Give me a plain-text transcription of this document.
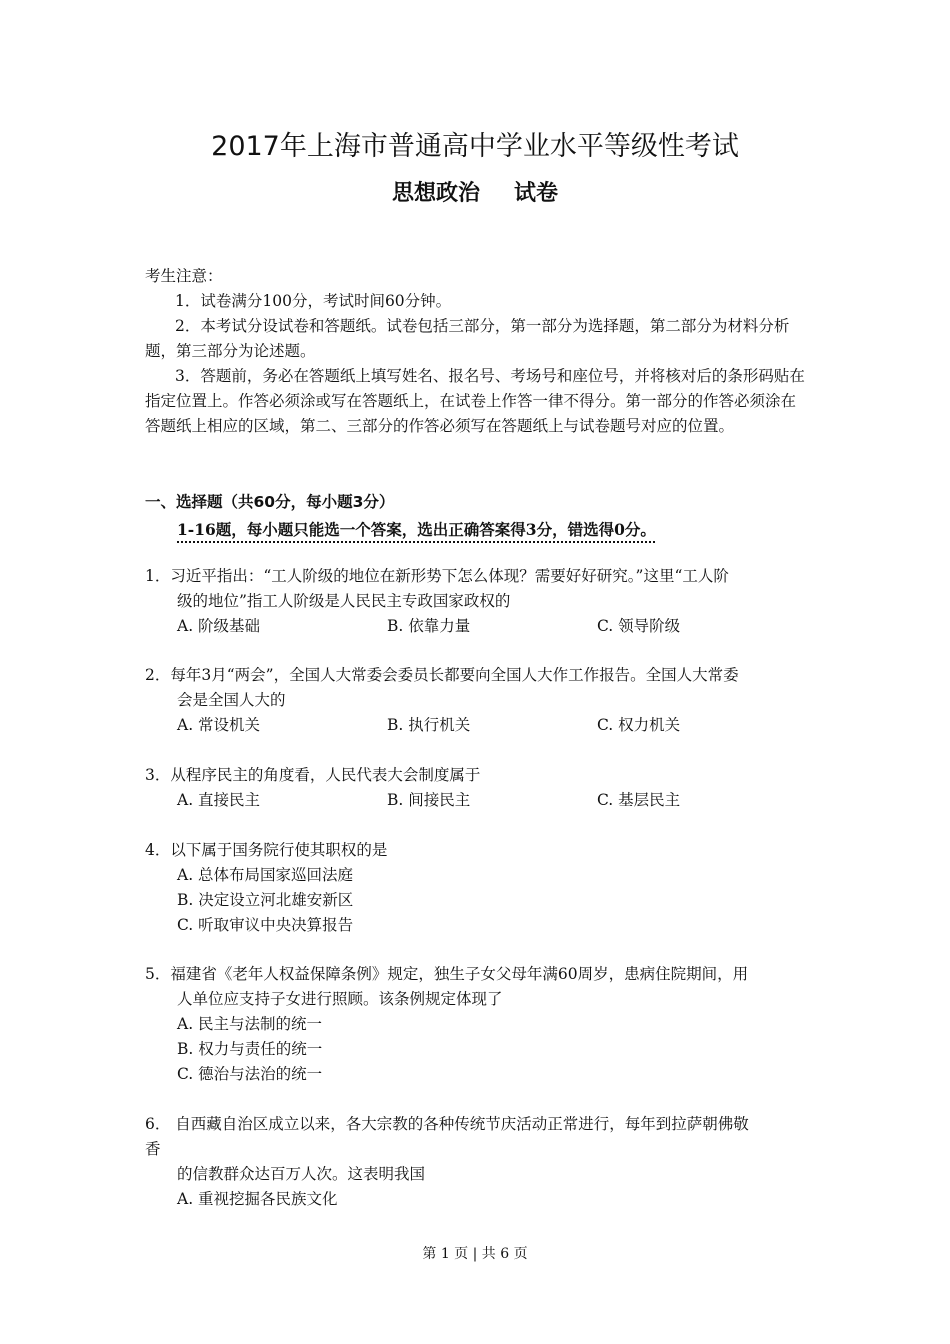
2017年上海市普通高中学业水平等级性考试
思想政治 试卷
考生注意：
1．试卷满分100分，考试时间60分钟。
2．本考试分设试卷和答题纸。试卷包括三部分，第一部分为选择题，第二部分为材料分析题，第三部分为论述题。
3．答题前，务必在答题纸上填写姓名、报名号、考场号和座位号，并将核对后的条形码贴在指定位置上。作答必须涂或写在答题纸上，在试卷上作答一律不得分。第一部分的作答必须涂在答题纸上相应的区域，第二、三部分的作答必须写在答题纸上与试卷题号对应的位置。
一、选择题（共60分，每小题3分）
1-16题，每小题只能选一个答案，选出正确答案得3分，错选得0分。
1．习近平指出：“工人阶级的地位在新形势下怎么体现？需要好好研究。”这里“工人阶
级的地位”指工人阶级是人民民主专政国家政权的
A. 阶级基础	B. 依靠力量	C. 领导阶级
2．每年3月“两会”，全国人大常委会委员长都要向全国人大作工作报告。全国人大常委
会是全国人大的
A. 常设机关	B. 执行机关	C. 权力机关
3．从程序民主的角度看，人民代表大会制度属于
A. 直接民主	B. 间接民主	C. 基层民主
4．以下属于国务院行使其职权的是
A. 总体布局国家巡回法庭
B. 决定设立河北雄安新区
C. 听取审议中央决算报告
5．福建省《老年人权益保障条例》规定，独生子女父母年满60周岁，患病住院期间，用
人单位应支持子女进行照顾。该条例规定体现了
A. 民主与法制的统一
B. 权力与责任的统一
C. 德治与法治的统一
6． 自西藏自治区成立以来，各大宗教的各种传统节庆活动正常进行，每年到拉萨朝佛敬
香
的信教群众达百万人次。这表明我国
A. 重视挖掘各民族文化
第 1 页 | 共 6 页
